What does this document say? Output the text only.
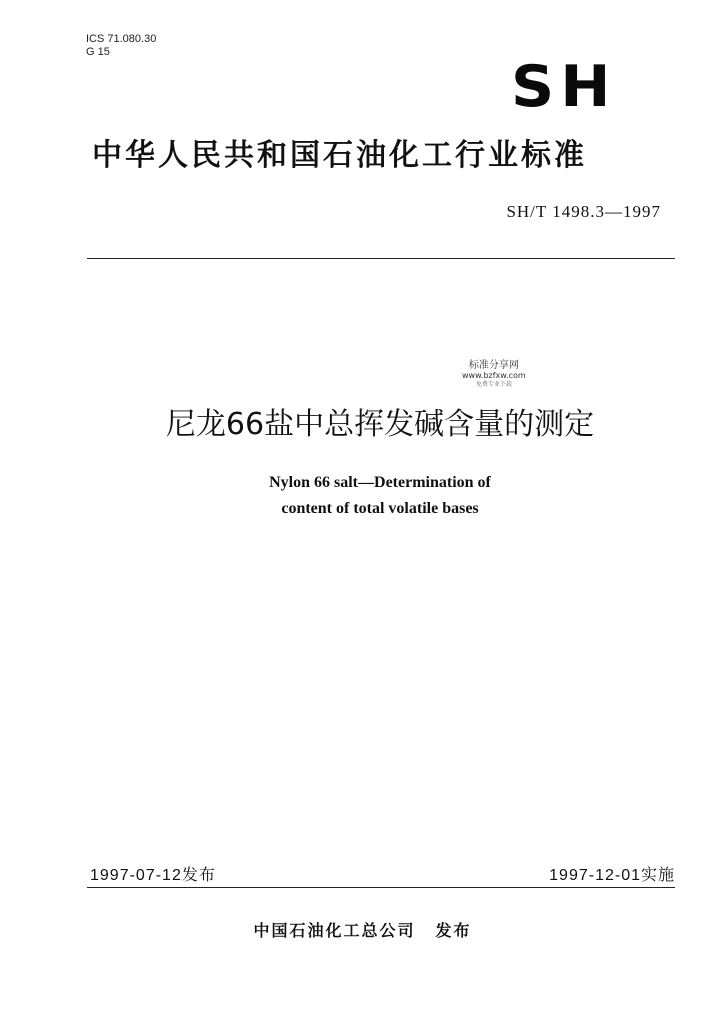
ICS 71.080.30
G 15
SH
中华人民共和国石油化工行业标准
SH/T 1498.3—1997
标准分享网
www.bzfxw.com
免费专业下载
尼龙66盐中总挥发碱含量的测定
Nylon 66 salt—Determination of
content of total volatile bases
1997-07-12发布	1997-12-01实施
中国石油化工总公司 发布
